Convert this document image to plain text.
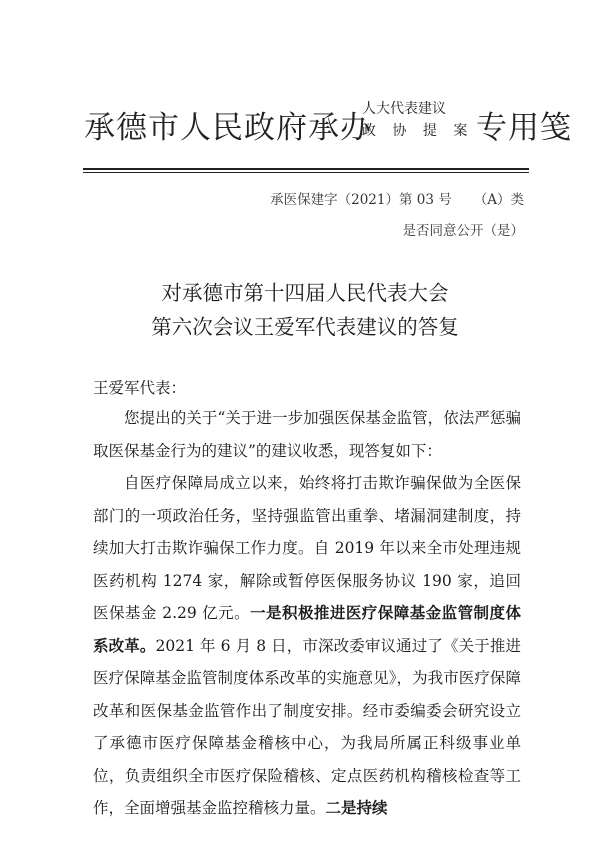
承德市人民政府承办
人大代表建议
政 协 提 案 专用笺
承医保建字（2021）第 03 号 （A）类
是否同意公开（是）
对承德市第十四届人民代表大会
第六次会议王爱军代表建议的答复
王爱军代表：

您提出的关于“关于进一步加强医保基金监管，依法严惩骗取医保基金行为的建议”的建议收悉，现答复如下：

自医疗保障局成立以来，始终将打击欺诈骗保做为全医保部门的一项政治任务，坚持强监管出重拳、堵漏洞建制度，持续加大打击欺诈骗保工作力度。自 2019 年以来全市处理违规医药机构 1274 家，解除或暂停医保服务协议 190 家，追回医保基金 2.29 亿元。一是积极推进医疗保障基金监管制度体系改革。2021 年 6 月 8 日，市深改委审议通过了《关于推进医疗保障基金监管制度体系改革的实施意见》，为我市医疗保障改革和医保基金监管作出了制度安排。经市委编委会研究设立了承德市医疗保障基金稽核中心，为我局所属正科级事业单位，负责组织全市医疗保险稽核、定点医药机构稽核检查等工作，全面增强基金监控稽核力量。二是持续
